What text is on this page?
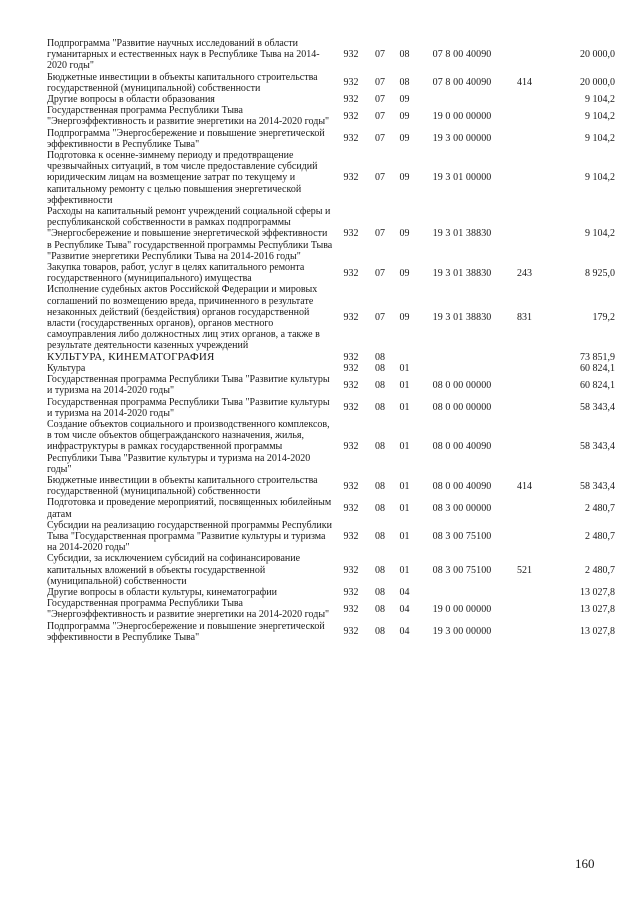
Подпрограмма "Развитие научных исследований в области гуманитарных и естественных наук в Республике Тыва на 2014-2020 годы"	932	07	08	07 8 00 40090		20 000,0
Бюджетные инвестиции в объекты капитального строительства государственной (муниципальной) собственности	932	07	08	07 8 00 40090	414	20 000,0
Другие вопросы в области образования	932	07	09			9 104,2
Государственная программа Республики Тыва "Энергоэффективность и развитие энергетики на 2014-2020 годы"	932	07	09	19 0 00 00000		9 104,2
Подпрограмма "Энергосбережение и повышение энергетической эффективности в Республике Тыва"	932	07	09	19 3 00 00000		9 104,2
Подготовка к осенне-зимнему периоду и предотвращение чрезвычайных ситуаций, в том числе предоставление субсидий юридическим лицам на возмещение затрат по текущему и капитальному ремонту с целью повышения энергетической эффективности	932	07	09	19 3 01 00000		9 104,2
Расходы на капитальный ремонт учреждений социальной сферы и республиканской собственности в рамках подпрограммы "Энергосбережение и повышение энергетической эффективности в Республике Тыва" государственной программы Республики Тыва "Развитие энергетики Республики Тыва на 2014-2016 годы"	932	07	09	19 3 01 38830		9 104,2
Закупка товаров, работ, услуг в целях капитального ремонта государственного (муниципального) имущества	932	07	09	19 3 01 38830	243	8 925,0
Исполнение судебных актов Российской Федерации и мировых соглашений по возмещению вреда, причиненного в результате незаконных действий (бездействия) органов государственной власти (государственных органов), органов местного самоуправления либо должностных лиц этих органов, а также в результате деятельности казенных учреждений	932	07	09	19 3 01 38830	831	179,2
КУЛЬТУРА, КИНЕМАТОГРАФИЯ	932	08				73 851,9
Культура	932	08	01			60 824,1
Государственная программа Республики Тыва "Развитие культуры и туризма на 2014-2020 годы"	932	08	01	08 0 00 00000		60 824,1
Государственная программа Республики Тыва "Развитие культуры и туризма на 2014-2020 годы"	932	08	01	08 0 00 00000		58 343,4
Создание объектов социального и производственного комплексов, в том числе объектов общегражданского назначения, жилья, инфраструктуры в рамках государственной программы Республики Тыва "Развитие культуры и туризма на 2014-2020 годы"	932	08	01	08 0 00 40090		58 343,4
Бюджетные инвестиции в объекты капитального строительства государственной (муниципальной) собственности	932	08	01	08 0 00 40090	414	58 343,4
Подготовка и проведение мероприятий, посвященных юбилейным датам	932	08	01	08 3 00 00000		2 480,7
Субсидии на реализацию государственной программы Республики Тыва "Государственная программа "Развитие культуры и туризма на 2014-2020 годы"	932	08	01	08 3 00 75100		2 480,7
Субсидии, за исключением субсидий на софинансирование капитальных вложений в объекты государственной (муниципальной) собственности	932	08	01	08 3 00 75100	521	2 480,7
Другие вопросы в области культуры, кинематографии	932	08	04			13 027,8
Государственная программа Республики Тыва "Энергоэффективность и развитие энергетики на 2014-2020 годы"	932	08	04	19 0 00 00000		13 027,8
Подпрограмма "Энергосбережение и повышение энергетической эффективности в Республике Тыва"	932	08	04	19 3 00 00000		13 027,8
160
